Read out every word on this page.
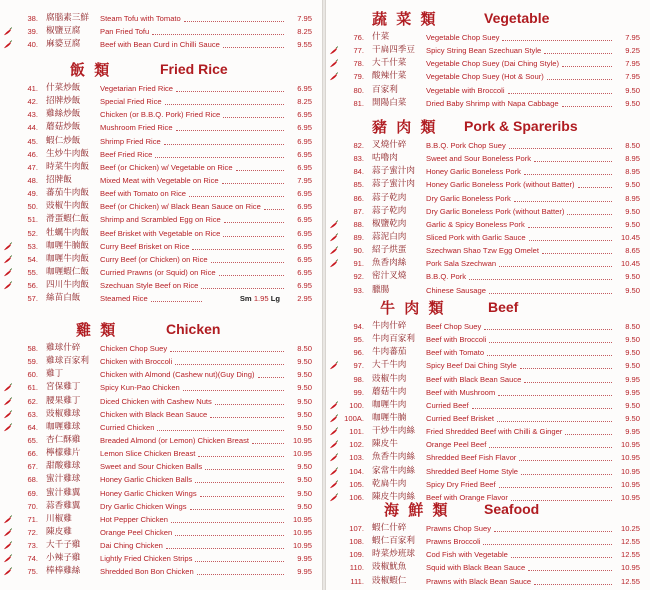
38. 腐腦素三鮮 Steam Tofu with Tomato	7.95
39. 椒鹽豆腐	Pan Fried Tofu	8.25
40. 麻婆豆腐	Beef with Bean Curd in Chilli Sauce	9.55
飯 類	Fried Rice
41. 什菜炒飯	Vegetarian Fried Rice	6.95
42. 招牌炒飯	Special Fried Rice	8.25
43. 雞絲炒飯	Chicken (or B.B.Q. Pork) Fried Rice	6.95
44. 蘑菇炒飯	Mushroom Fried Rice	6.95
45. 蝦仁炒飯	Shrimp Fried Rice	6.95
46. 生炒牛肉飯 Beef Fried Rice	6.95
47. 時菜牛肉飯 Beef (or Chicken) w/ Vegetable on Rice	6.95
48. 招牌飯	Mixed Meat with Vegetable on Rice	7.95
49. 蕃茄牛肉飯 Beef with Tomato on Rice	6.95
50. 豉椒牛肉飯 Beef (or Chicken) w/ Black Bean Sauce on Rice	6.95
51. 滑蛋蝦仁飯 Shrimp and Scrambled Egg on Rice	6.95
52. 牡蠣牛肉飯 Beef Brisket with Vegetable on Rice	6.95
53. 咖喱牛腩飯 Curry Beef Brisket on Rice	6.95
54. 咖喱牛肉飯 Curry Beef (or Chicken) on Rice	6.95
55. 咖喱蝦仁飯 Curried Prawns (or Squid) on Rice	6.95
56. 四川牛肉飯 Szechuan Style Beef on Rice	6.95
57. 絲苗白飯	Steamed Rice	Sm 1.95 Lg 2.95
雞 類	Chicken
58. 雞球什碎	Chicken Chop Suey	8.50
59. 雞球百家利 Chicken with Broccoli	9.50
60. 雞丁	Chicken with Almond (Cashew nut)(Guy Ding)	9.50
61. 宮保雞丁	Spicy Kun-Pao Chicken	9.50
62. 腰果雞丁	Diced Chicken with Cashew Nuts	9.50
63. 豉椒雞球	Chicken with Black Bean Sauce	9.50
64. 咖喱雞球	Curried Chicken	9.50
65. 杏仁酥雞	Breaded Almond (or Lemon) Chicken Breast	10.95
66. 檸檬雞片	Lemon Slice Chicken Breast	10.95
67. 甜酸雞球	Sweet and Sour Chicken Balls	9.50
68. 蜜汁雞球	Honey Garlic Chicken Balls	9.50
69. 蜜汁雞翼	Honey Garlic Chicken Wings	9.50
70. 蒜香雞翼	Dry Garlic Chicken Wings	9.50
71. 川椒雞	Hot Pepper Chicken	10.95
72. 陳皮雞	Orange Peel Chicken	10.95
73. 大千子雞	Dai Ching Chicken	10.95
74. 小辣子雞	Lightly Fried Chicken Strips	9.95
75. 棒棒雞絲	Shredded Bon Bon Chicken	9.95
蔬 菜 類	Vegetable
76. 什菜	Vegetable Chop Suey	7.95
77. 干扁四季豆 Spicy String Bean Szechuan Style	9.25
78. 大千什菜	Vegetable Chop Suey (Dai Ching Style)	7.95
79. 酸辣什菜	Vegetable Chop Suey (Hot & Sour)	7.95
80. 百家利	Vegetable with Broccoli	9.50
81. 開陽白菜	Dried Baby Shrimp with Napa Cabbage	9.50
豬 肉 類 Pork & Spareribs
82. 叉燒什碎	B.B.Q. Pork Chop Suey	8.50
83. 咕嚕肉	Sweet and Sour Boneless Pork	8.95
84. 蒜子蜜汁肉 Honey Garlic Boneless Pork	8.95
85. 蒜子蜜汁肉 Honey Garlic Boneless Pork (without Batter)	9.50
86. 蒜子乾肉	Dry Garlic Boneless Pork	8.95
87. 蒜子乾肉	Dry Garlic Boneless Pork (without Batter)	9.50
88. 椒鹽乾肉	Garlic & Spicy Boneless Pork	9.50
89. 蒜泥白肉	Sliced Pork with Garlic Sauce	10.45
90. 紹子烘蛋	Szechwan Shao Tzw Egg Omelet	8.65
91. 魚香肉絲	Pork Sala Szechwan	10.45
92. 密汁叉燒	B.B.Q. Pork	9.50
93. 臘腸	Chinese Sausage	9.50
牛 肉 類	Beef
94. 牛肉什碎	Beef Chop Suey	8.50
95. 牛肉百家利 Beef with Broccoli	9.50
96. 牛肉蕃茄	Beef with Tomato	9.50
97. 大千牛肉	Spicy Beef Dai Ching Style	9.50
98. 豉椒牛肉	Beef with Black Bean Sauce	9.95
99. 蘑菇牛肉	Beef with Mushroom	9.95
100. 咖喱牛肉	Curried Beef	9.50
100A. 咖喱牛腩	Curried Beef Brisket	9.50
101. 干炒牛肉絲 Fried Shredded Beef with Chilli & Ginger	9.95
102. 陳皮牛	Orange Peel Beef	10.95
103. 魚香牛肉絲 Shredded Beef Fish Flavor	10.95
104. 家常牛肉絲 Shredded Beef Home Style	10.95
105. 乾扁牛肉	Spicy Dry Fried Beef	10.95
106. 陳皮牛肉絲 Beef with Orange Flavor	10.95
海 鮮 類 Seafood
107. 蝦仁什碎	Prawns Chop Suey	10.25
108. 蝦仁百家利 Prawns Broccoli	12.55
109. 時菜炒班球 Cod Fish with Vegetable	12.55
110. 豉椒魷魚	Squid with Black Bean Sauce	10.95
111. 豉椒蝦仁	Prawns with Black Bean Sauce	12.55
